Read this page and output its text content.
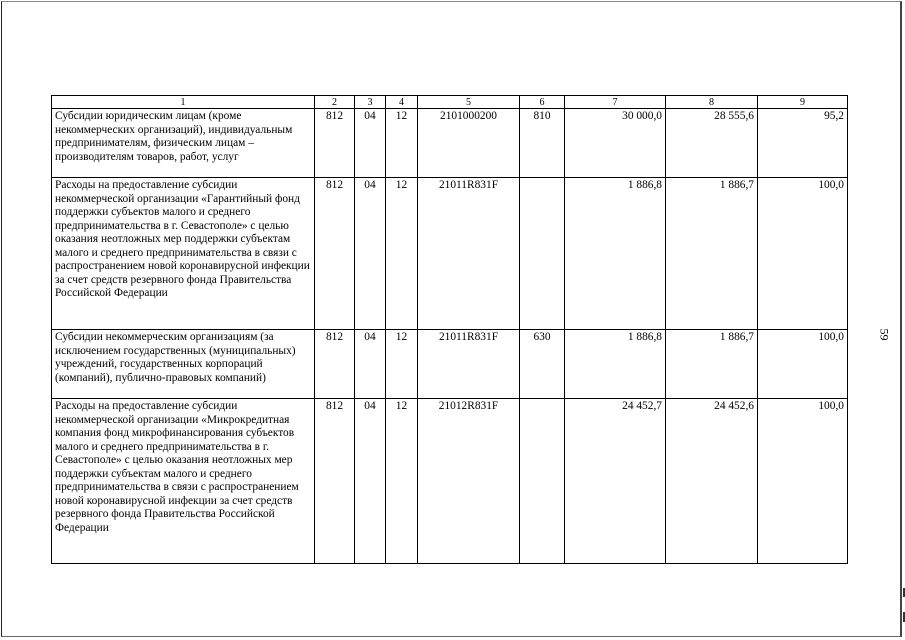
1	2	3	4	5	6	7	8	9
Субсидии юридическим лицам (кроме некоммерческих организаций), индивидуальным предпринимателям, физическим лицам – производителям товаров, работ, услуг	812	04	12	2101000200	810	30 000,0	28 555,6	95,2
Расходы на предоставление субсидии некоммерческой организации «Гарантийный фонд поддержки субъектов малого и среднего предпринимательства в г. Севастополе» с целью оказания неотложных мер поддержки субъектам малого и среднего предпринимательства в связи с распространением новой коронавирусной инфекции за счет средств резервного фонда Правительства Российской Федерации	812	04	12	21011R831F		1 886,8	1 886,7	100,0
Субсидии некоммерческим организациям (за исключением государственных (муниципальных) учреждений, государственных корпораций (компаний), публично-правовых компаний)	812	04	12	21011R831F	630	1 886,8	1 886,7	100,0
Расходы на предоставление субсидии некоммерческой организации «Микрокредитная компания фонд микрофинансирования субъектов малого и среднего предпринимательства в г. Севастополе» с целью оказания неотложных мер поддержки субъектам малого и среднего предпринимательства в связи с распространением новой коронавирусной инфекции за счет средств резервного фонда Правительства Российской Федерации	812	04	12	21012R831F		24 452,7	24 452,6	100,0
59
